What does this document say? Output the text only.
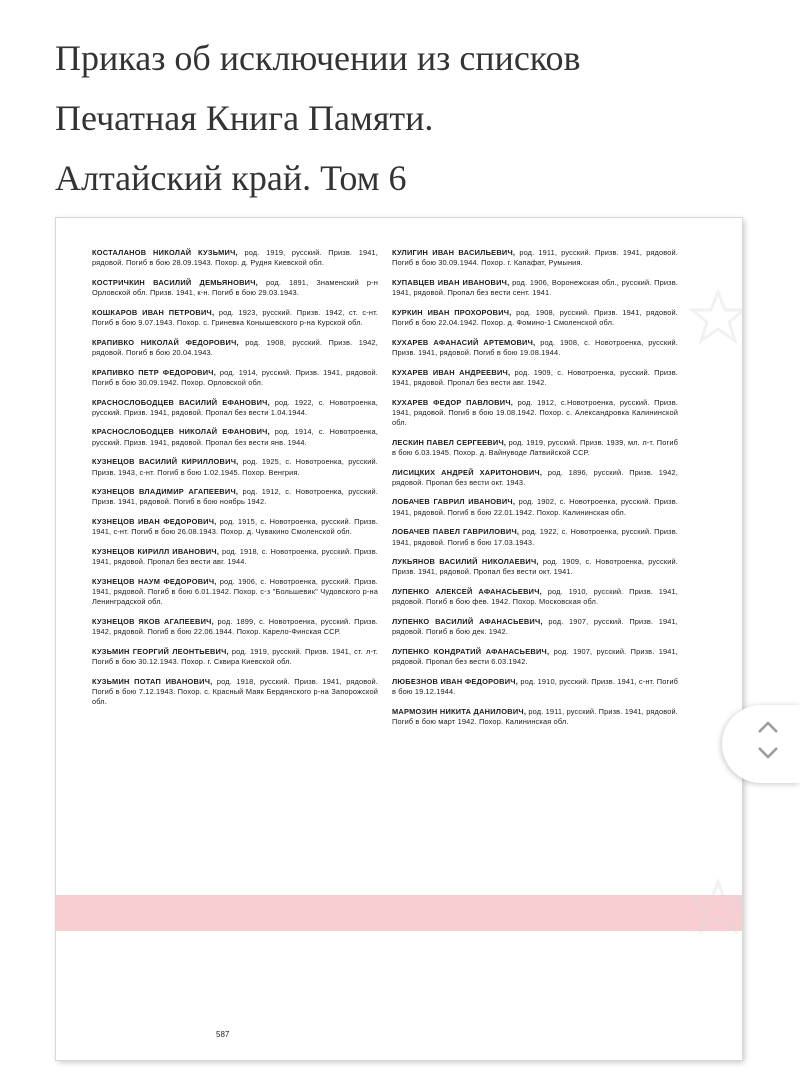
Приказ об исключении из списков
Печатная Книга Памяти.
Алтайский край. Том 6
КОСТАЛАНОВ НИКОЛАЙ КУЗЬМИЧ, род. 1919, русский. Призв. 1941, рядовой. Погиб в бою 28.09.1943. Похор. д. Рудня Киевской обл.
КОСТРИЧКИН ВАСИЛИЙ ДЕМЬЯНОВИЧ, род. 1891, Знаменский р-н Орловской обл. Призв. 1941, к-н. Погиб в бою 29.03.1943.
КОШКАРОВ ИВАН ПЕТРОВИЧ, род. 1923, русский. Призв. 1942, ст. с-нт. Погиб в бою 9.07.1943. Похор. с. Гриневка Конышевского р-на Курской обл.
КРАПИВКО НИКОЛАЙ ФЕДОРОВИЧ, род. 1908, русский. Призв. 1942, рядовой. Погиб в бою 20.04.1943.
КРАПИВКО ПЕТР ФЕДОРОВИЧ, род. 1914, русский. Призв. 1941, рядовой. Погиб в бою 30.09.1942. Похор. Орловской обл.
КРАСНОСЛОБОДЦЕВ ВАСИЛИЙ ЕФАНОВИЧ, род. 1922, с. Новотроенка, русский. Призв. 1941, рядовой. Пропал без вести 1.04.1944.
КРАСНОСЛОБОДЦЕВ НИКОЛАЙ ЕФАНОВИЧ, род. 1914, с. Новотроенка, русский. Призв. 1941, рядовой. Пропал без вести янв. 1944.
КУЗНЕЦОВ ВАСИЛИЙ КИРИЛЛОВИЧ, род. 1925, с. Новотроенка, русский. Призв. 1943, с-нт. Погиб в бою 1.02.1945. Похор. Венгрия.
КУЗНЕЦОВ ВЛАДИМИР АГАПЕЕВИЧ, род. 1912, с. Новотроенка, русский. Призв. 1941, рядовой. Погиб в бою ноябрь 1942.
КУЗНЕЦОВ ИВАН ФЕДОРОВИЧ, род. 1915, с. Новотроенка, русский. Призв. 1941, с-нт. Погиб в бою 26.08.1943. Похор. д. Чувакино Смоленской обл.
КУЗНЕЦОВ КИРИЛЛ ИВАНОВИЧ, род. 1918, с. Новотроенка, русский. Призв. 1941, рядовой. Пропал без вести авг. 1944.
КУЗНЕЦОВ НАУМ ФЕДОРОВИЧ, род. 1906, с. Новотроенка, русский. Призв. 1941, рядовой. Погиб в бою 6.01.1942. Похор. с-з "Большевик" Чудовского р-на Ленинградской обл.
КУЗНЕЦОВ ЯКОВ АГАПЕЕВИЧ, род. 1899, с. Новотроенка, русский. Призв. 1942, рядовой. Погиб в бою 22.06.1944. Похор. Карело-Финская ССР.
КУЗЬМИН ГЕОРГИЙ ЛЕОНТЬЕВИЧ, род. 1919, русский. Призв. 1941, ст. л-т. Погиб в бою 30.12.1943. Похор. г. Сквира Киевской обл.
КУЗЬМИН ПОТАП ИВАНОВИЧ, род. 1918, русский. Призв. 1941, рядовой. Погиб в бою 7.12.1943. Похор. с. Красный Маяк Бердянского р-на Запорожской обл.
КУЛИГИН ИВАН ВАСИЛЬЕВИЧ, род. 1911, русский. Призв. 1941, рядовой. Погиб в бою 30.09.1944. Похор. г. Капафат, Румыния.
КУПАВЦЕВ ИВАН ИВАНОВИЧ, род. 1906, Воронежская обл., русский. Призв. 1941, рядовой. Пропал без вести сент. 1941.
КУРКИН ИВАН ПРОХОРОВИЧ, род. 1908, русский. Призв. 1941, рядовой. Погиб в бою 22.04.1942. Похор. д. Фомино-1 Смоленской обл.
КУХАРЕВ АФАНАСИЙ АРТЕМОВИЧ, род. 1908, с. Новотроенка, русский. Призв. 1941, рядовой. Погиб в бою 19.08.1944.
КУХАРЕВ ИВАН АНДРЕЕВИЧ, род. 1909, с. Новотроенка, русский. Призв. 1941, рядовой. Пропал без вести авг. 1942.
КУХАРЕВ ФЕДОР ПАВЛОВИЧ, род. 1912, с.Новотроенка, русский. Призв. 1941, рядовой. Погиб в бою 19.08.1942. Похор. с. Александровка Калининской обл.
ЛЕСКИН ПАВЕЛ СЕРГЕЕВИЧ, род. 1919, русский. Призв. 1939, мл. л-т. Погиб в бою 6.03.1945. Похор. д. Вайнуводе Латвийской ССР.
ЛИСИЦКИХ АНДРЕЙ ХАРИТОНОВИЧ, род. 1896, русский. Призв. 1942, рядовой. Пропал без вести окт. 1943.
ЛОБАЧЕВ ГАВРИЛ ИВАНОВИЧ, род. 1902, с. Новотроенка, русский. Призв. 1941, рядовой. Погиб в бою 22.01.1942. Похор. Калининская обл.
ЛОБАЧЕВ ПАВЕЛ ГАВРИЛОВИЧ, род. 1922, с. Новотроенка, русский. Призв. 1941, рядовой. Погиб в бою 17.03.1943.
ЛУКЬЯНОВ ВАСИЛИЙ НИКОЛАЕВИЧ, род. 1909, с. Новотроенка, русский. Призв. 1941, рядовой. Пропал без вести окт. 1941.
ЛУПЕНКО АЛЕКСЕЙ АФАНАСЬЕВИЧ, род. 1910, русский. Призв. 1941, рядовой. Погиб в бою фев. 1942. Похор. Московская обл.
ЛУПЕНКО ВАСИЛИЙ АФАНАСЬЕВИЧ, род. 1907, русский. Призв. 1941, рядовой. Погиб в бою дек. 1942.
ЛУПЕНКО КОНДРАТИЙ АФАНАСЬЕВИЧ, род. 1907, русский. Призв. 1941, рядовой. Пропал без вести 6.03.1942.
ЛЮБЕЗНОВ ИВАН ФЕДОРОВИЧ, род. 1910, русский. Призв. 1941, с-нт. Погиб в бою 19.12.1944.
МАРМОЗИН НИКИТА ДАНИЛОВИЧ, род. 1911, русский. Призв. 1941, рядовой. Погиб в бою март 1942. Похор. Калининская обл.
587
